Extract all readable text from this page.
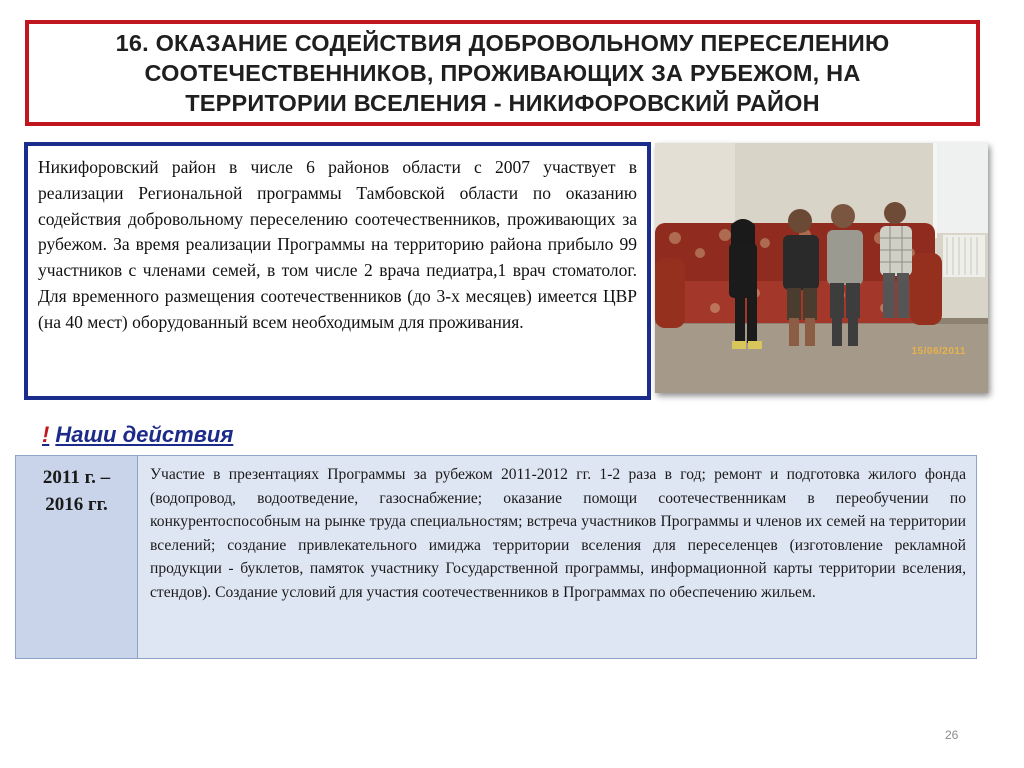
16. ОКАЗАНИЕ СОДЕЙСТВИЯ ДОБРОВОЛЬНОМУ ПЕРЕСЕЛЕНИЮ
СООТЕЧЕСТВЕННИКОВ, ПРОЖИВАЮЩИХ ЗА РУБЕЖОМ, НА
ТЕРРИТОРИИ ВСЕЛЕНИЯ - НИКИФОРОВСКИЙ РАЙОН

Никифоровский район в числе 6 районов области с 2007 участвует в реализации Региональной программы Тамбовской области по оказанию содействия добровольному переселению соотечественников, проживающих за рубежом. За время реализации Программы на территорию района прибыло 99 участников с членами семей, в том числе 2 врача педиатра,1 врач стоматолог. Для временного размещения соотечественников (до 3-х месяцев) имеется ЦВР (на 40 мест) оборудованный всем необходимым для проживания.

15/06/2011

! Наши действия

2011 г. –
2016 гг.
	Участие в презентациях Программы за рубежом 2011-2012 гг. 1-2 раза в год; ремонт и подготовка жилого фонда (водопровод, водоотведение, газоснабжение; оказание помощи соотечественникам в переобучении по конкурентоспособным на рынке труда специальностям; встреча участников Программы и членов их семей на территории вселений; создание привлекательного имиджа территории вселения для переселенцев (изготовление рекламной продукции - буклетов, памяток участнику Государственной программы, информационной карты территории вселения, стендов). Создание условий для участия соотечественников в Программах по обеспечению жильем.
26
